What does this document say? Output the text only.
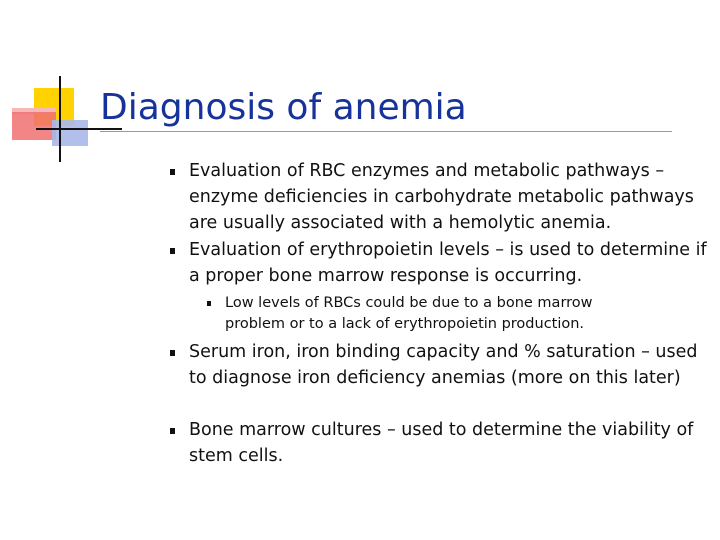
Diagnosis of anemia
Evaluation of RBC enzymes and metabolic pathways – enzyme deficiencies in carbohydrate metabolic pathways are usually associated with a hemolytic anemia.
Evaluation of erythropoietin levels – is used to determine if a proper bone marrow response is occurring.
Low levels of RBCs could be due to a bone marrow problem or to a lack of erythropoietin production.
Serum iron, iron binding capacity and % saturation – used to diagnose iron deficiency anemias (more on this later)
Bone marrow cultures – used to determine the viability of stem cells.
